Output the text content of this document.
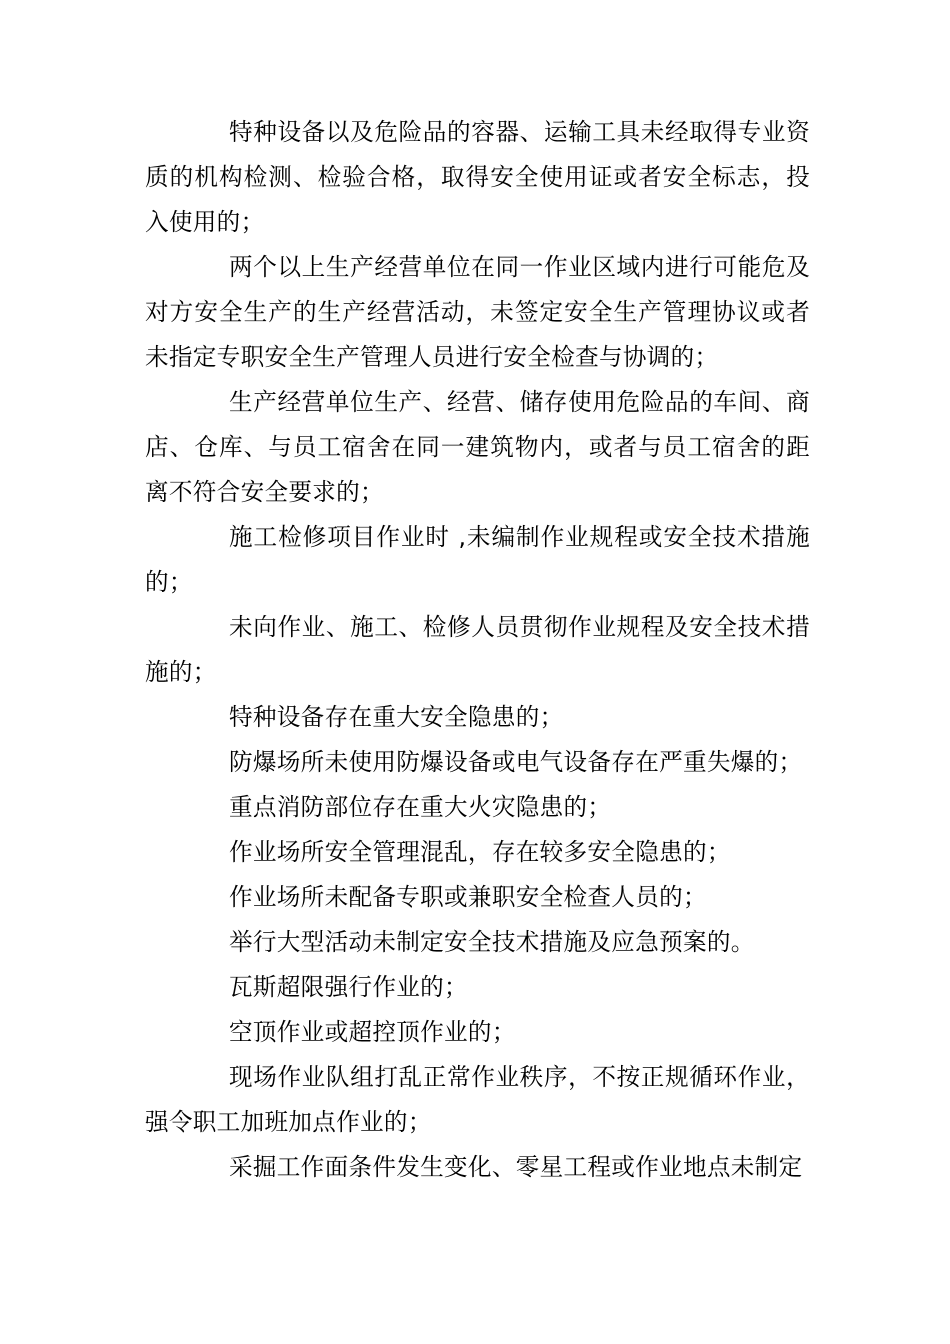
特种设备以及危险品的容器、运输工具未经取得专业资质的机构检测、检验合格，取得安全使用证或者安全标志，投入使用的；

两个以上生产经营单位在同一作业区域内进行可能危及对方安全生产的生产经营活动，未签定安全生产管理协议或者未指定专职安全生产管理人员进行安全检查与协调的；

生产经营单位生产、经营、储存使用危险品的车间、商店、仓库、与员工宿舍在同一建筑物内，或者与员工宿舍的距离不符合安全要求的；

施工检修项目作业时 ,未编制作业规程或安全技术措施的；

未向作业、施工、检修人员贯彻作业规程及安全技术措施的；

特种设备存在重大安全隐患的；

防爆场所未使用防爆设备或电气设备存在严重失爆的；

重点消防部位存在重大火灾隐患的；

作业场所安全管理混乱，存在较多安全隐患的；

作业场所未配备专职或兼职安全检查人员的；

举行大型活动未制定安全技术措施及应急预案的。

瓦斯超限强行作业的；

空顶作业或超控顶作业的；

现场作业队组打乱正常作业秩序，不按正规循环作业，强令职工加班加点作业的；

采掘工作面条件发生变化、零星工程或作业地点未制定
